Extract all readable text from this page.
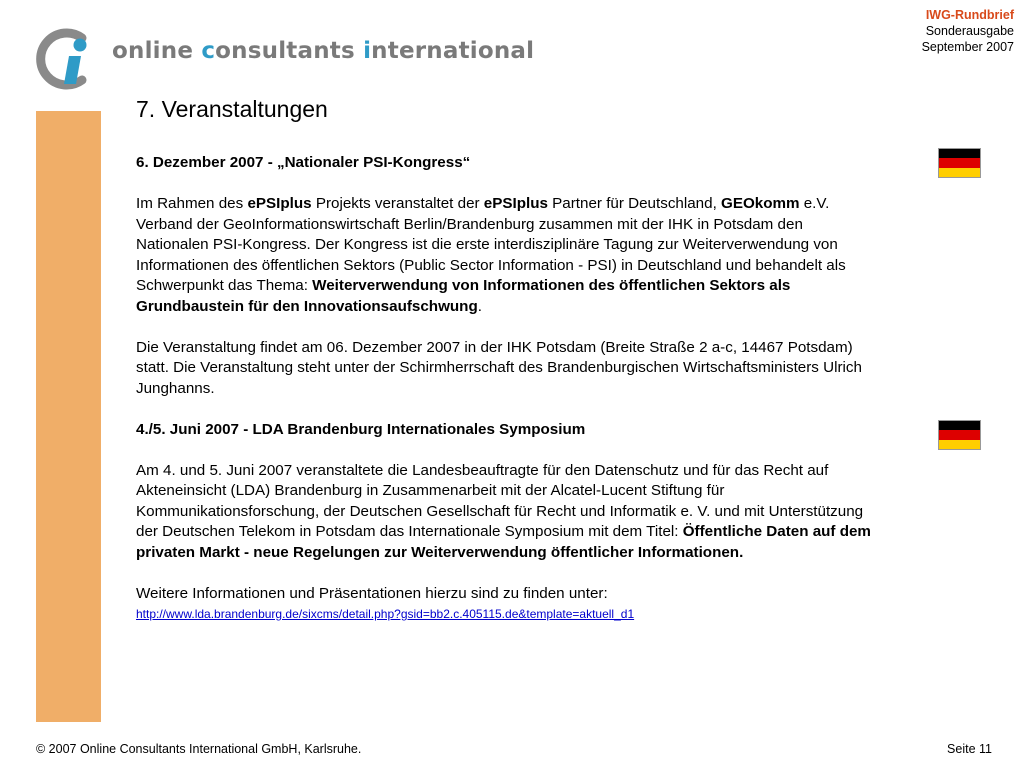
online consultants international
IWG-Rundbrief
Sonderausgabe
September 2007
7. Veranstaltungen

6. Dezember 2007 - „Nationaler PSI-Kongress“

Im Rahmen des ePSIplus Projekts veranstaltet der ePSIplus Partner für Deutschland, GEOkomm e.V. Verband der GeoInformationswirtschaft Berlin/Brandenburg zusammen mit der IHK in Potsdam den Nationalen PSI-Kongress. Der Kongress ist die erste interdisziplinäre Tagung zur Weiterverwendung von Informationen des öffentlichen Sektors (Public Sector Information - PSI) in Deutschland und behandelt als Schwerpunkt das Thema: Weiterverwendung von Informationen des öffentlichen Sektors als Grundbaustein für den Innovationsaufschwung.

Die Veranstaltung findet am 06. Dezember 2007 in der IHK Potsdam (Breite Straße 2 a-c, 14467 Potsdam) statt. Die Veranstaltung steht unter der Schirmherrschaft des Brandenburgischen Wirtschaftsministers Ulrich Junghanns.

4./5. Juni 2007 - LDA Brandenburg Internationales Symposium

Am 4. und 5. Juni 2007 veranstaltete die Landesbeauftragte für den Datenschutz und für das Recht auf Akteneinsicht (LDA) Brandenburg in Zusammenarbeit mit der Alcatel-Lucent Stiftung für Kommunikationsforschung, der Deutschen Gesellschaft für Recht und Informatik e. V. und mit Unterstützung der Deutschen Telekom in Potsdam das Internationale Symposium mit dem Titel: Öffentliche Daten auf dem privaten Markt - neue Regelungen zur Weiterverwendung öffentlicher Informationen.

Weitere Informationen und Präsentationen hierzu sind zu finden unter:

http://www.lda.brandenburg.de/sixcms/detail.php?gsid=bb2.c.405115.de&template=aktuell_d1

© 2007 Online Consultants International GmbH, Karlsruhe.	Seite 11
